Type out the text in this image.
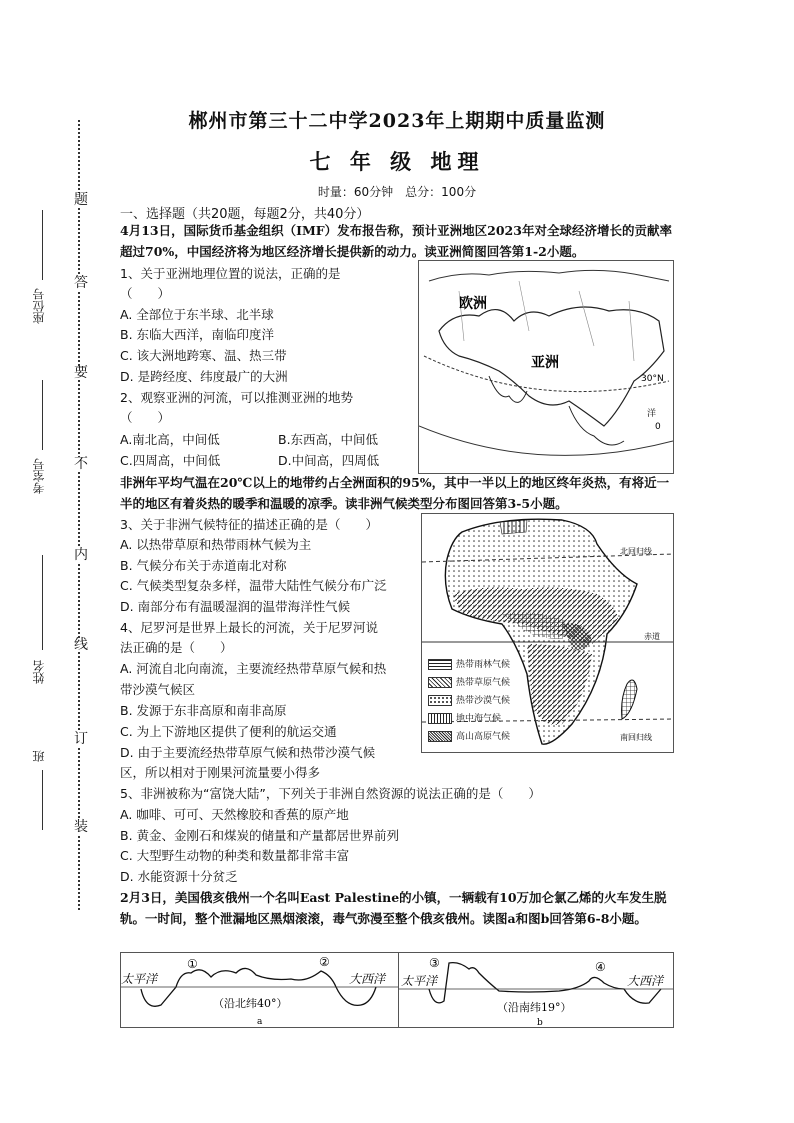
题
答
要
不
内
线
订
装
座位号
考室号
姓名
班
郴州市第三十二中学2023年上期期中质量监测
七 年 级 地理
时量：60分钟　总分：100分
一、选择题（共20题，每题2分，共40分）
4月13日，国际货币基金组织（IMF）发布报告称，预计亚洲地区2023年对全球经济增长的贡献率超过70%，中国经济将为地区经济增长提供新的动力。读亚洲简图回答第1-2小题。
1、关于亚洲地理位置的说法，正确的是
（　　）
A. 全部位于东半球、北半球
B. 东临大西洋，南临印度洋
C. 该大洲地跨寒、温、热三带
D. 是跨经度、纬度最广的大洲
2、观察亚洲的河流，可以推测亚洲的地势
（　　）
A.南北高，中间低	B.东西高，中间低
C.四周高，中间低	D.中间高，四周低
欧洲
亚洲
30°N
洋
0
非洲年平均气温在20℃以上的地带约占全洲面积的95%，其中一半以上的地区终年炎热，有将近一半的地区有着炎热的暖季和温暖的凉季。读非洲气候类型分布图回答第3-5小题。
3、关于非洲气候特征的描述正确的是（　　）
A. 以热带草原和热带雨林气候为主
B. 气候分布关于赤道南北对称
C. 气候类型复杂多样，温带大陆性气候分布广泛
D. 南部分布有温暖湿润的温带海洋性气候
4、尼罗河是世界上最长的河流，关于尼罗河说
法正确的是（　　）
A. 河流自北向南流，主要流经热带草原气候和热
带沙漠气候区
B. 发源于东非高原和南非高原
C. 为上下游地区提供了便利的航运交通
D. 由于主要流经热带草原气候和热带沙漠气候
区，所以相对于刚果河流量要小得多
北回归线
赤道
南回归线
热带雨林气候
热带草原气候
热带沙漠气候
地中海气候
高山高原气候
5、非洲被称为“富饶大陆”，下列关于非洲自然资源的说法正确的是（　　）
A. 咖啡、可可、天然橡胶和香蕉的原产地
B. 黄金、金刚石和煤炭的储量和产量都居世界前列
C. 大型野生动物的种类和数量都非常丰富
D. 水能资源十分贫乏
2月3日，美国俄亥俄州一个名叫East Palestine的小镇，一辆载有10万加仑氯乙烯的火车发生脱轨。一时间，整个泄漏地区黑烟滚滚，毒气弥漫至整个俄亥俄州。读图a和图b回答第6-8小题。
①	②
太平洋	大西洋
（沿北纬40°）
a
③	④
太平洋	大西洋
（沿南纬19°）
b
